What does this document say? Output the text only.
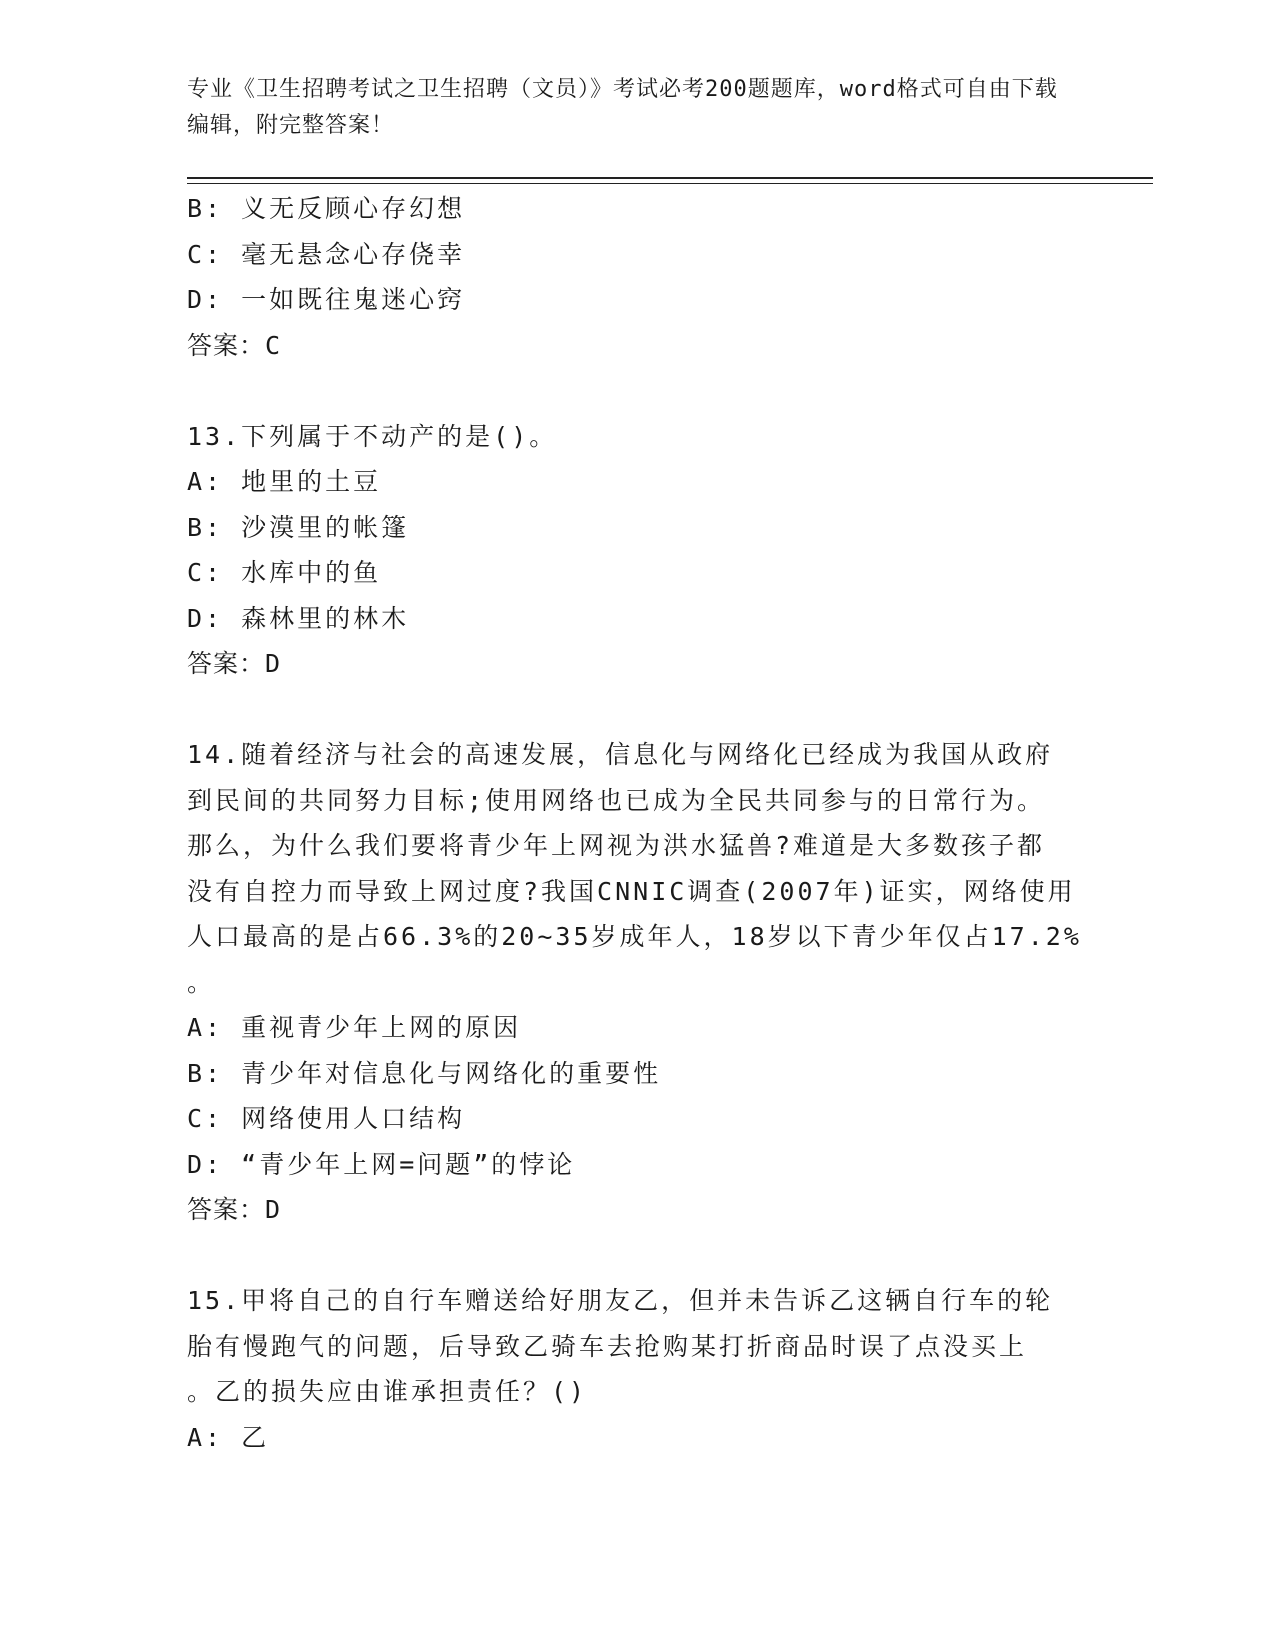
专业《卫生招聘考试之卫生招聘（文员）》考试必考200题题库，word格式可自由下载编辑，附完整答案！
B: 义无反顾心存幻想
C: 毫无悬念心存侥幸
D: 一如既往鬼迷心窍
答案：C
13.下列属于不动产的是()。
A: 地里的土豆
B: 沙漠里的帐篷
C: 水库中的鱼
D: 森林里的林木
答案：D
14.随着经济与社会的高速发展，信息化与网络化已经成为我国从政府
到民间的共同努力目标;使用网络也已成为全民共同参与的日常行为。
那么，为什么我们要将青少年上网视为洪水猛兽?难道是大多数孩子都
没有自控力而导致上网过度?我国CNNIC调查(2007年)证实，网络使用
人口最高的是占66.3%的20~35岁成年人，18岁以下青少年仅占17.2%
。
A: 重视青少年上网的原因
B: 青少年对信息化与网络化的重要性
C: 网络使用人口结构
D: “青少年上网=问题”的悖论
答案：D
15.甲将自己的自行车赠送给好朋友乙，但并未告诉乙这辆自行车的轮
胎有慢跑气的问题，后导致乙骑车去抢购某打折商品时误了点没买上
。乙的损失应由谁承担责任？()
A: 乙
